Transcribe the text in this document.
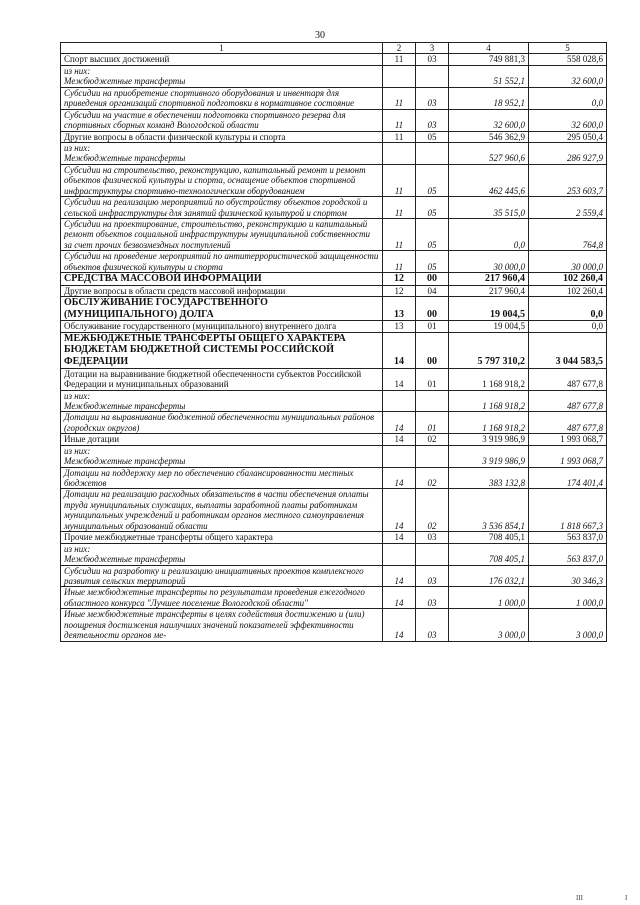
30
1	2	3	4	5
Спорт высших достижений	11	03	749 881,3	558 028,6
из них:
Межбюджетные трансферты			51 552,1	32 600,0
Субсидии на приобретение спортивного оборудования и инвентаря для приведения организаций спортивной подготовки в нормативное состояние	11	03	18 952,1	0,0
Субсидии на участие в обеспечении подготовки спортивного резерва для спортивных сборных команд Вологодской области	11	03	32 600,0	32 600,0
Другие вопросы в области физической культуры и спорта	11	05	546 362,9	295 050,4
из них:
Межбюджетные трансферты			527 960,6	286 927,9
Субсидии на строительство, реконструкцию, капитальный ремонт и ремонт объектов физической культуры и спорта, оснащение объектов спортивной инфраструктуры спортивно-технологическим оборудованием	11	05	462 445,6	253 603,7
Субсидии на реализацию мероприятий по обустройству объектов городской и сельской инфраструктуры для занятий физической культурой и спортом	11	05	35 515,0	2 559,4
Субсидии на проектирование, строительство, реконструкцию и капитальный ремонт объектов социальной инфраструктуры муниципальной собственности за счет прочих безвозмездных поступлений	11	05	0,0	764,8
Субсидии на проведение мероприятий по антитеррористической защищенности объектов физической культуры и спорта	11	05	30 000,0	30 000,0
СРЕДСТВА МАССОВОЙ ИНФОРМАЦИИ	12	00	217 960,4	102 260,4
Другие вопросы в области средств массовой информации	12	04	217 960,4	102 260,4
ОБСЛУЖИВАНИЕ ГОСУДАРСТВЕННОГО (МУНИЦИПАЛЬНОГО) ДОЛГА	13	00	19 004,5	0,0
Обслуживание государственного (муниципального) внутреннего долга	13	01	19 004,5	0,0
МЕЖБЮДЖЕТНЫЕ ТРАНСФЕРТЫ ОБЩЕГО ХАРАКТЕРА БЮДЖЕТАМ БЮДЖЕТНОЙ СИСТЕМЫ РОССИЙСКОЙ ФЕДЕРАЦИИ	14	00	5 797 310,2	3 044 583,5
Дотации на выравнивание бюджетной обеспеченности субъектов Российской Федерации и муниципальных образований	14	01	1 168 918,2	487 677,8
из них:
Межбюджетные трансферты			1 168 918,2	487 677,8
Дотации на выравнивание бюджетной обеспеченности муниципальных районов (городских округов)	14	01	1 168 918,2	487 677,8
Иные дотации	14	02	3 919 986,9	1 993 068,7
из них:
Межбюджетные трансферты			3 919 986,9	1 993 068,7
Дотации на поддержку мер по обеспечению сбалансированности местных бюджетов	14	02	383 132,8	174 401,4
Дотации на реализацию расходных обязательств в части обеспечения оплаты труда муниципальных служащих, выплаты заработной платы работникам муниципальных учреждений и работникам органов местного самоуправления муниципальных образований области	14	02	3 536 854,1	1 818 667,3
Прочие межбюджетные трансферты общего характера	14	03	708 405,1	563 837,0
из них:
Межбюджетные трансферты			708 405,1	563 837,0
Субсидии на разработку и реализацию инициативных проектов комплексного развития сельских территорий	14	03	176 032,1	30 346,3
Иные межбюджетные трансферты по результатам проведения ежегодного областного конкурса "Лучшее поселение Вологодской области"	14	03	1 000,0	1 000,0
Иные межбюджетные трансферты в целях содействия достижению и (или) поощрения достижения наилучших значений показателей эффективности деятельности органов ме-	14	03	3 000,0	3 000,0
III	I
